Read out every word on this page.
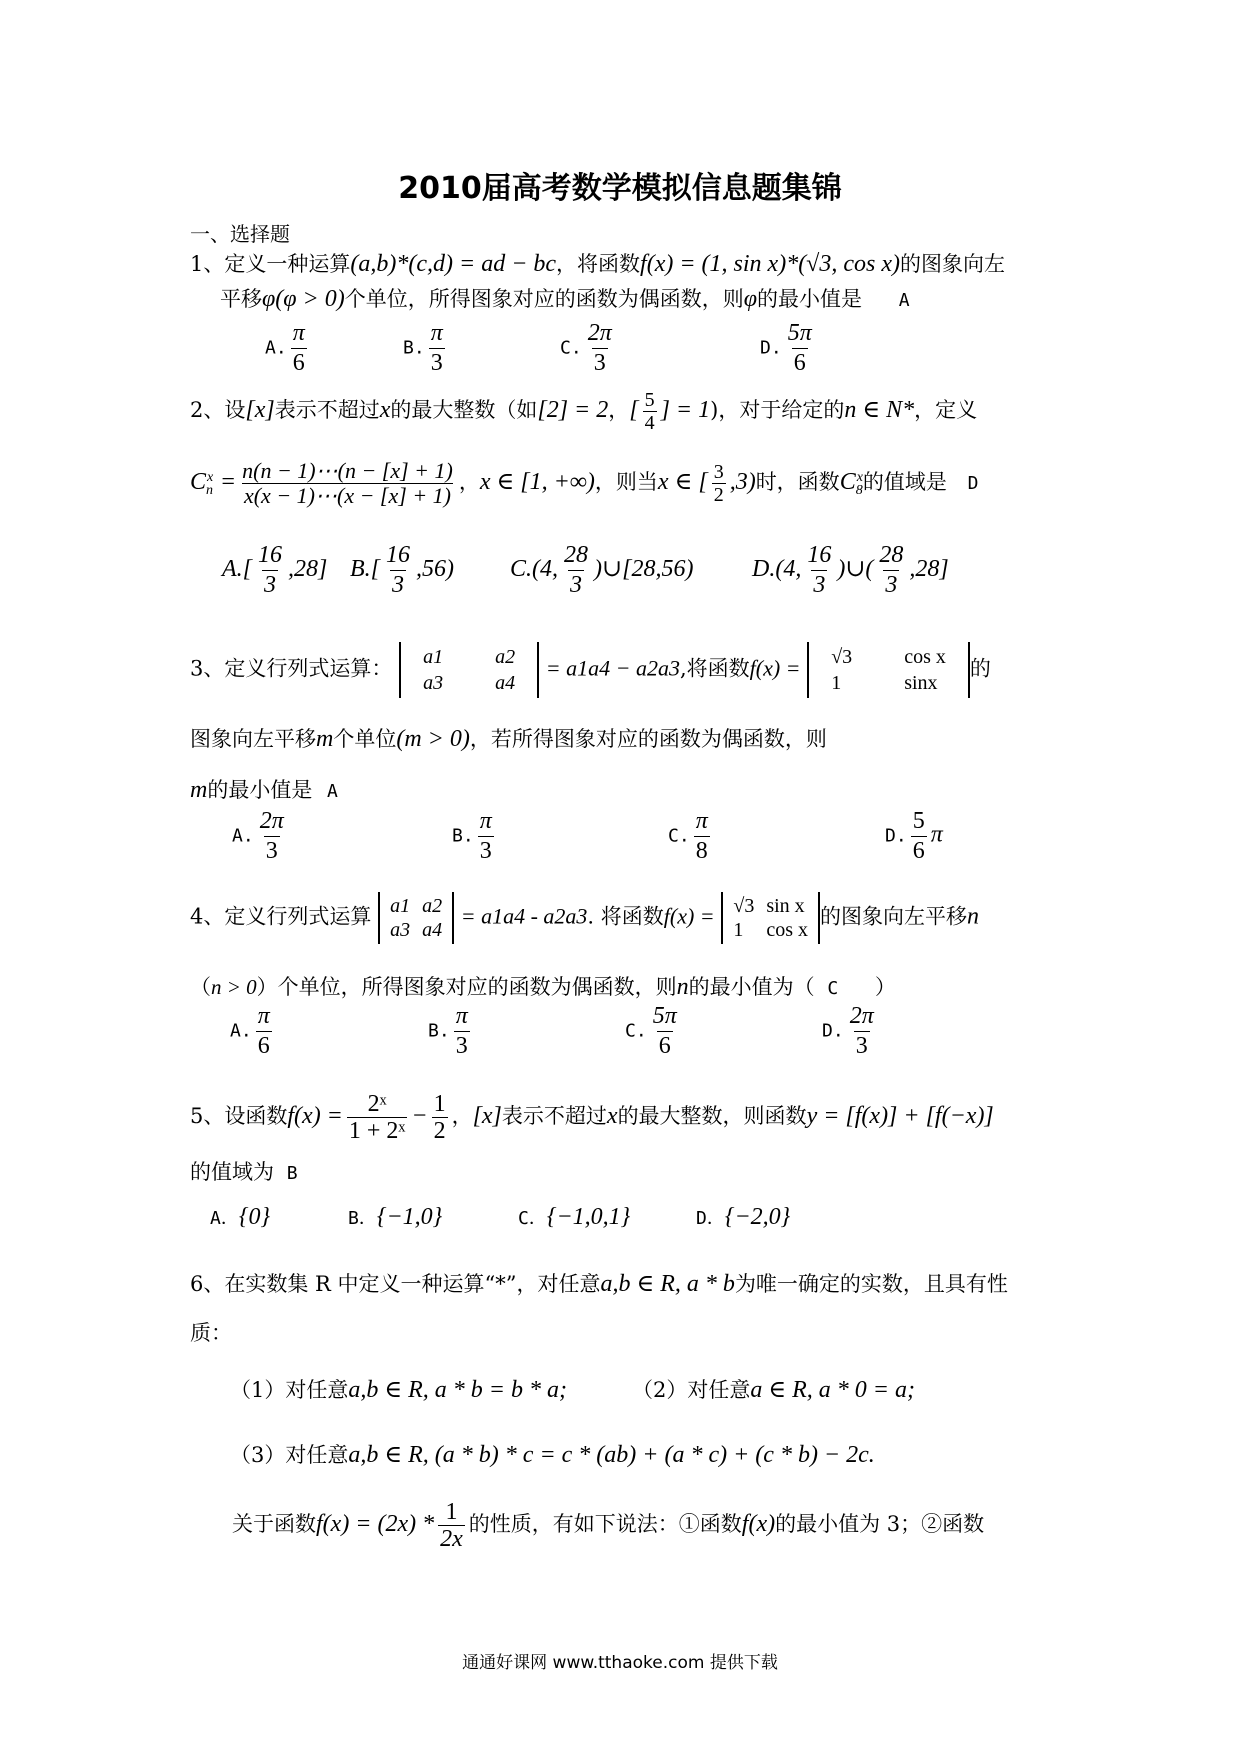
2010届高考数学模拟信息题集锦
一、选择题
1、定义一种运算(a,b)*(c,d) = ad − bc，将函数f(x) = (1, sin x)*(√3, cos x)的图象向左
平移φ(φ > 0)个单位，所得图象对应的函数为偶函数，则φ的最小值是 A
A. $\frac{\pi}{6}$	B. $\frac{\pi}{3}$	C. $\frac{2\pi}{3}$	D. $\frac{5\pi}{6}$
2、设[x]表示不超过x的最大整数（如[2] = 2，[ $\frac{5}{4}$ ] = 1)，对于给定的n ∈ N*，定义
$C_n^x = \frac{n(n - 1)\cdots(n - [x] + 1)}{x(x - 1)\cdots(x - [x] + 1)}$ ，x ∈ [1, +∞)，则当x ∈ [ $\frac{3}{2} ,3$)时，函数$C_8^x$的值域是 D
$A.[ \frac{16}{3} ,28]$ $B.[ \frac{16}{3} ,56)$ C.(4, $\frac{28}{3}$ )∪[28,56) D.(4, $\frac{16}{3}$ )∪( $\frac{28}{3} ,28$]
3、定义行列式运算： a1	a2
a3	a4
= a1a4 − a2a3,将函数f(x) = √3	cos x
1	sinx
的
图象向左平移m个单位(m > 0)，若所得图象对应的函数为偶函数，则
m的最小值是 A
A. $\frac{2\pi}{3}$	B. $\frac{\pi}{3}$	C. $\frac{\pi}{8}$	D. $\frac{5}{6}$ π
4、定义行列式运算 a1	a2
a3	a4
= a1a4 - a2a3. 将函数f(x) = √3	sin x
1	cos x
的图象向左平移n
（n > 0）个单位，所得图象对应的函数为偶函数，则n的最小值为（ C ）
A. $\frac{\pi}{6}$	B. $\frac{\pi}{3}$	C. $\frac{5\pi}{6}$	D. $\frac{2\pi}{3}$
5、设函数$f(x) = \frac{\text{2ˣ}}{\text{1 + 2ˣ}} - \frac{1}{2}$ ，[x]表示不超过x的最大整数，则函数y = [f(x)] + [f(−x)]
的值域为 B
A．{0}	B．{−1,0}	C．{−1,0,1}	D．{−2,0}
6、在实数集 R 中定义一种运算“*”，对任意a,b ∈ R, a * b为唯一确定的实数，且具有性
质：
（1）对任意a,b ∈ R, a * b = b * a;	（2）对任意a ∈ R, a * 0 = a;
（3）对任意a,b ∈ R, (a * b) * c = c * (ab) + (a * c) + (c * b) − 2c.
关于函数$f(x) = (2x) * \frac{1}{2x}$ 的性质，有如下说法：①函数f(x)的最小值为 3；②函数
通通好课网 www.tthaoke.com 提供下载
